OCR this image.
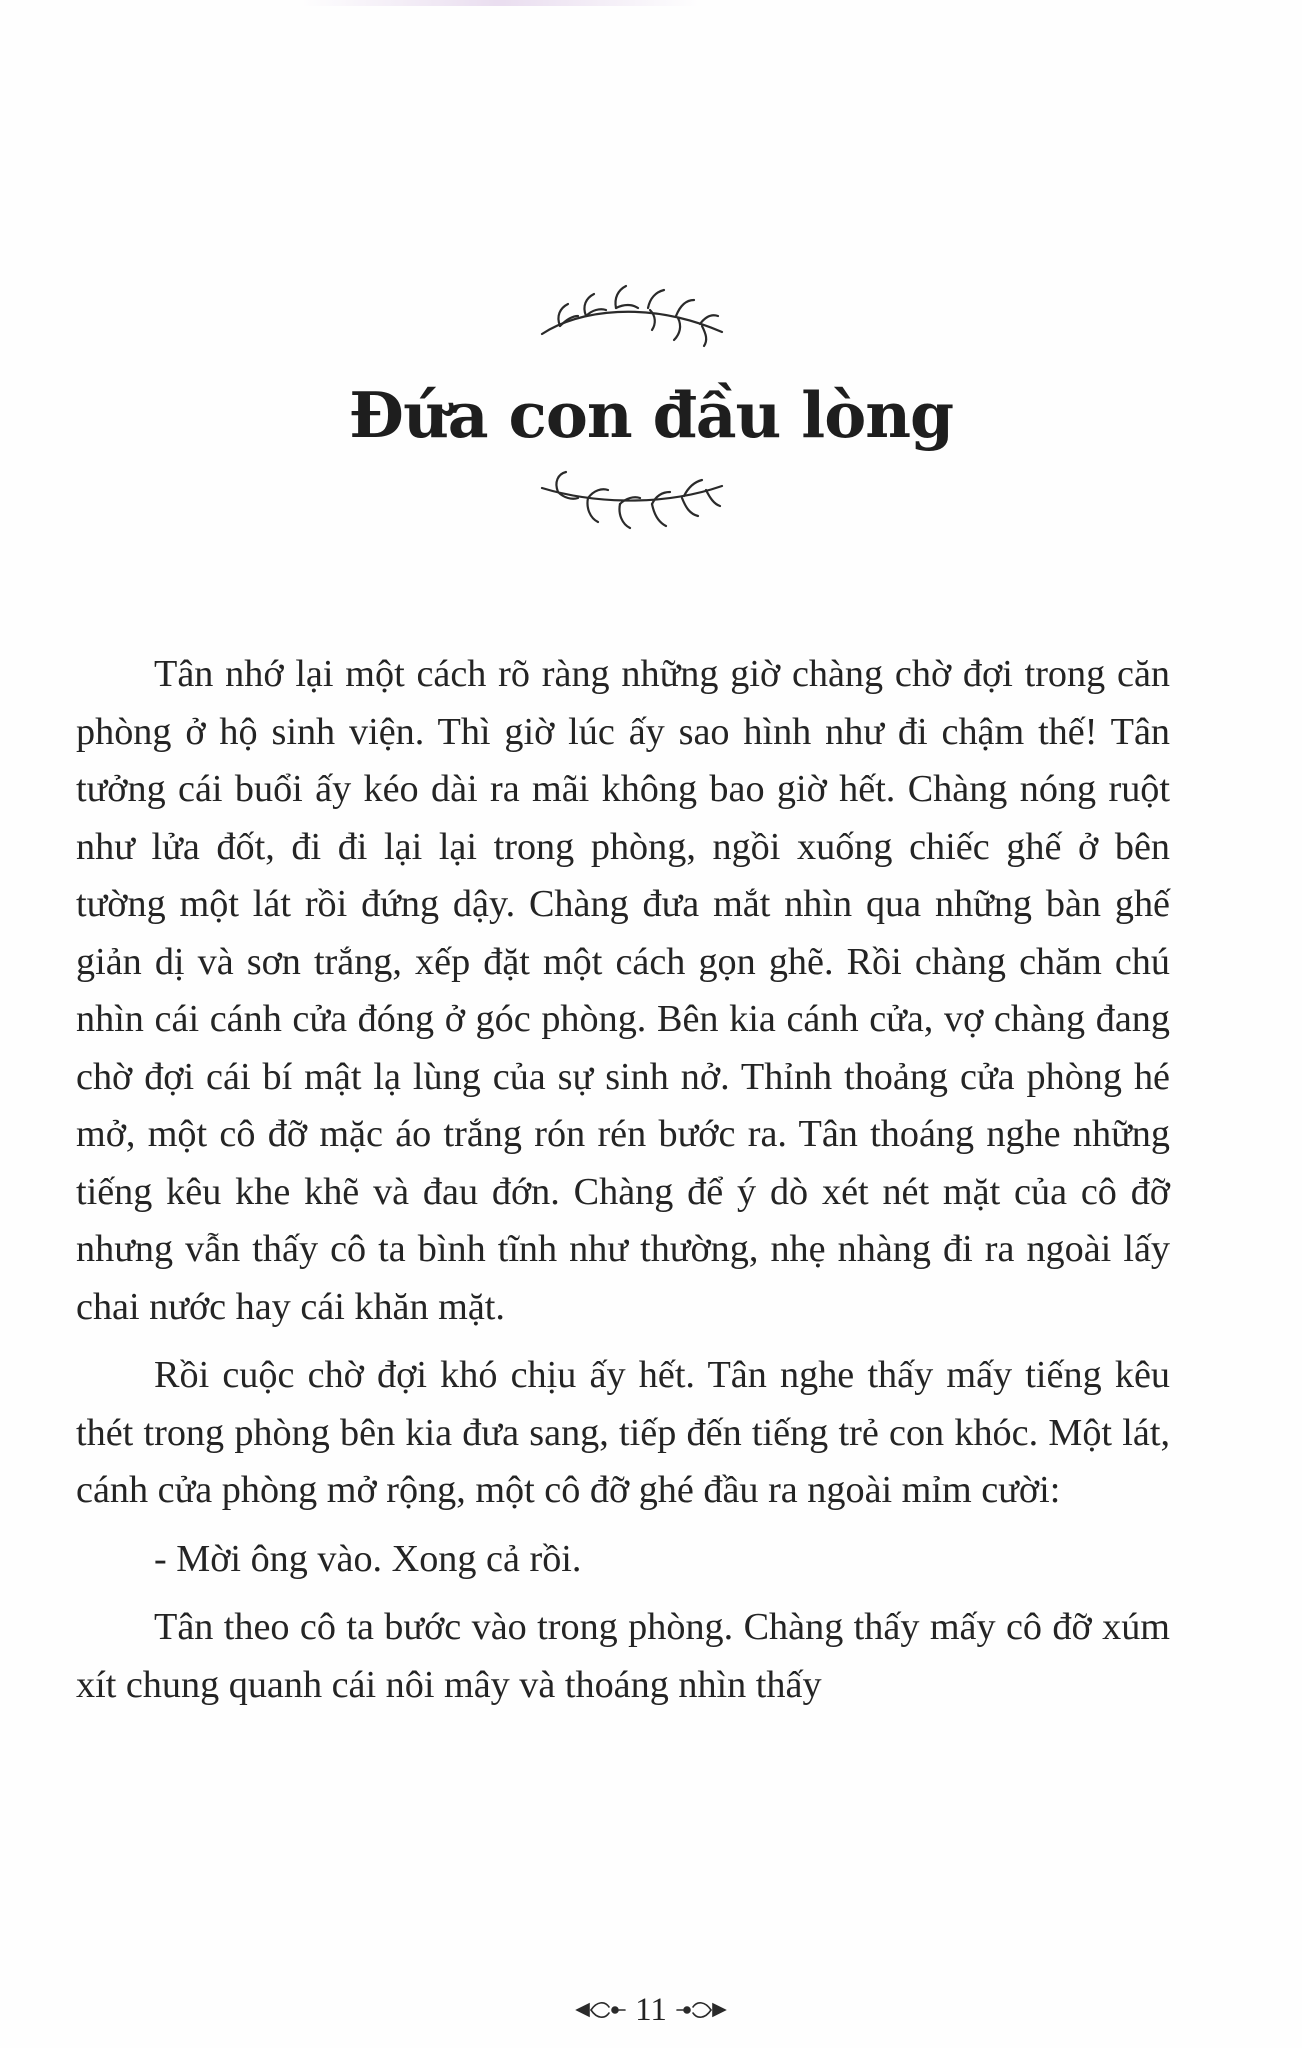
Đứa con đầu lòng

Tân nhớ lại một cách rõ ràng những giờ chàng chờ đợi trong căn phòng ở hộ sinh viện. Thì giờ lúc ấy sao hình như đi chậm thế! Tân tưởng cái buổi ấy kéo dài ra mãi không bao giờ hết. Chàng nóng ruột như lửa đốt, đi đi lại lại trong phòng, ngồi xuống chiếc ghế ở bên tường một lát rồi đứng dậy. Chàng đưa mắt nhìn qua những bàn ghế giản dị và sơn trắng, xếp đặt một cách gọn ghẽ. Rồi chàng chăm chú nhìn cái cánh cửa đóng ở góc phòng. Bên kia cánh cửa, vợ chàng đang chờ đợi cái bí mật lạ lùng của sự sinh nở. Thỉnh thoảng cửa phòng hé mở, một cô đỡ mặc áo trắng rón rén bước ra. Tân thoáng nghe những tiếng kêu khe khẽ và đau đớn. Chàng để ý dò xét nét mặt của cô đỡ nhưng vẫn thấy cô ta bình tĩnh như thường, nhẹ nhàng đi ra ngoài lấy chai nước hay cái khăn mặt.

Rồi cuộc chờ đợi khó chịu ấy hết. Tân nghe thấy mấy tiếng kêu thét trong phòng bên kia đưa sang, tiếp đến tiếng trẻ con khóc. Một lát, cánh cửa phòng mở rộng, một cô đỡ ghé đầu ra ngoài mỉm cười:

- Mời ông vào. Xong cả rồi.

Tân theo cô ta bước vào trong phòng. Chàng thấy mấy cô đỡ xúm xít chung quanh cái nôi mây và thoáng nhìn thấy

11
